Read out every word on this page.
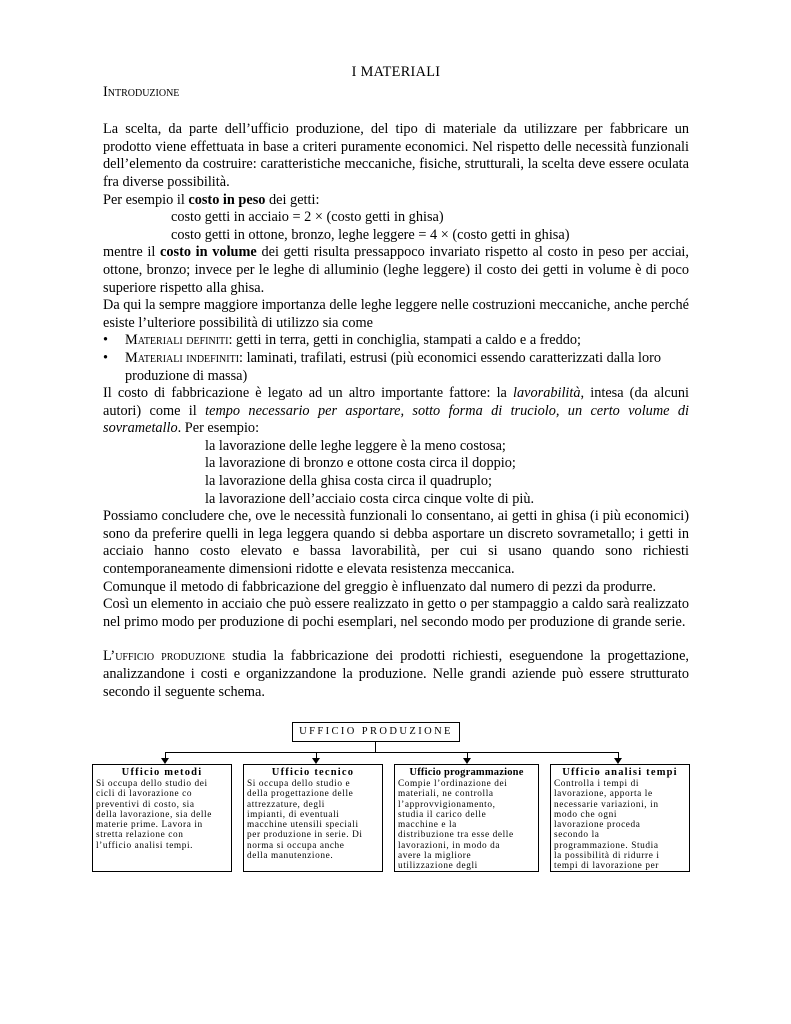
I MATERIALI
Introduzione

La scelta, da parte dell’ufficio produzione, del tipo di materiale da utilizzare per fabbricare un prodotto viene effettuata in base a criteri puramente economici. Nel rispetto delle necessità funzionali dell’elemento da costruire: caratteristiche meccaniche, fisiche, strutturali, la scelta deve essere oculata fra diverse possibilità.

Per esempio il costo in peso dei getti:

costo getti in acciaio = 2 × (costo getti in ghisa)

costo getti in ottone, bronzo, leghe leggere = 4 × (costo getti in ghisa)

mentre il costo in volume dei getti risulta pressappoco invariato rispetto al costo in peso per acciai, ottone, bronzo; invece per le leghe di alluminio (leghe leggere) il costo dei getti in volume è di poco superiore rispetto alla ghisa.

Da qui la sempre maggiore importanza delle leghe leggere nelle costruzioni meccaniche, anche perché esiste l’ulteriore possibilità di utilizzo sia come

• Materiali definiti: getti in terra, getti in conchiglia, stampati a caldo e a freddo;
• Materiali indefiniti: laminati, trafilati, estrusi (più economici essendo caratterizzati dalla loro produzione di massa)

Il costo di fabbricazione è legato ad un altro importante fattore: la lavorabilità, intesa (da alcuni autori) come il tempo necessario per asportare, sotto forma di truciolo, un certo volume di sovrametallo. Per esempio:

la lavorazione delle leghe leggere è la meno costosa;

la lavorazione di bronzo e ottone costa circa il doppio;

la lavorazione della ghisa costa circa il quadruplo;

la lavorazione dell’acciaio costa circa cinque volte di più.

Possiamo concludere che, ove le necessità funzionali lo consentano, ai getti in ghisa (i più economici) sono da preferire quelli in lega leggera quando si debba asportare un discreto sovrametallo; i getti in acciaio hanno costo elevato e bassa lavorabilità, per cui si usano quando sono richiesti contemporaneamente dimensioni ridotte e elevata resistenza meccanica.

Comunque il metodo di fabbricazione del greggio è influenzato dal numero di pezzi da produrre.

Così un elemento in acciaio che può essere realizzato in getto o per stampaggio a caldo sarà realizzato nel primo modo per produzione di pochi esemplari, nel secondo modo per produzione di grande serie.

L’ufficio produzione studia la fabbricazione dei prodotti richiesti, eseguendone la progettazione, analizzandone i costi e organizzandone la produzione. Nelle grandi aziende può essere strutturato secondo il seguente schema.

UFFICIO PRODUZIONE
Ufficio metodi
Si occupa dello studio dei
cicli di lavorazione co
preventivi di costo, sia
della lavorazione, sia delle
materie prime. Lavora in
stretta relazione con
l’ufficio analisi tempi.
Ufficio tecnico
Si occupa dello studio e
della progettazione delle
attrezzature, degli
impianti, di eventuali
macchine utensili speciali
per produzione in serie. Di
norma si occupa anche
della manutenzione.
Ufficio programmazione
Compie l’ordinazione dei
materiali, ne controlla
l’approvvigionamento,
studia il carico delle
macchine e la
distribuzione tra esse delle
lavorazioni, in modo da
avere la migliore
utilizzazione degli
Ufficio analisi tempi
Controlla i tempi di
lavorazione, apporta le
necessarie variazioni, in
modo che ogni
lavorazione proceda
secondo la
programmazione. Studia
la possibilità di ridurre i
tempi di lavorazione per
